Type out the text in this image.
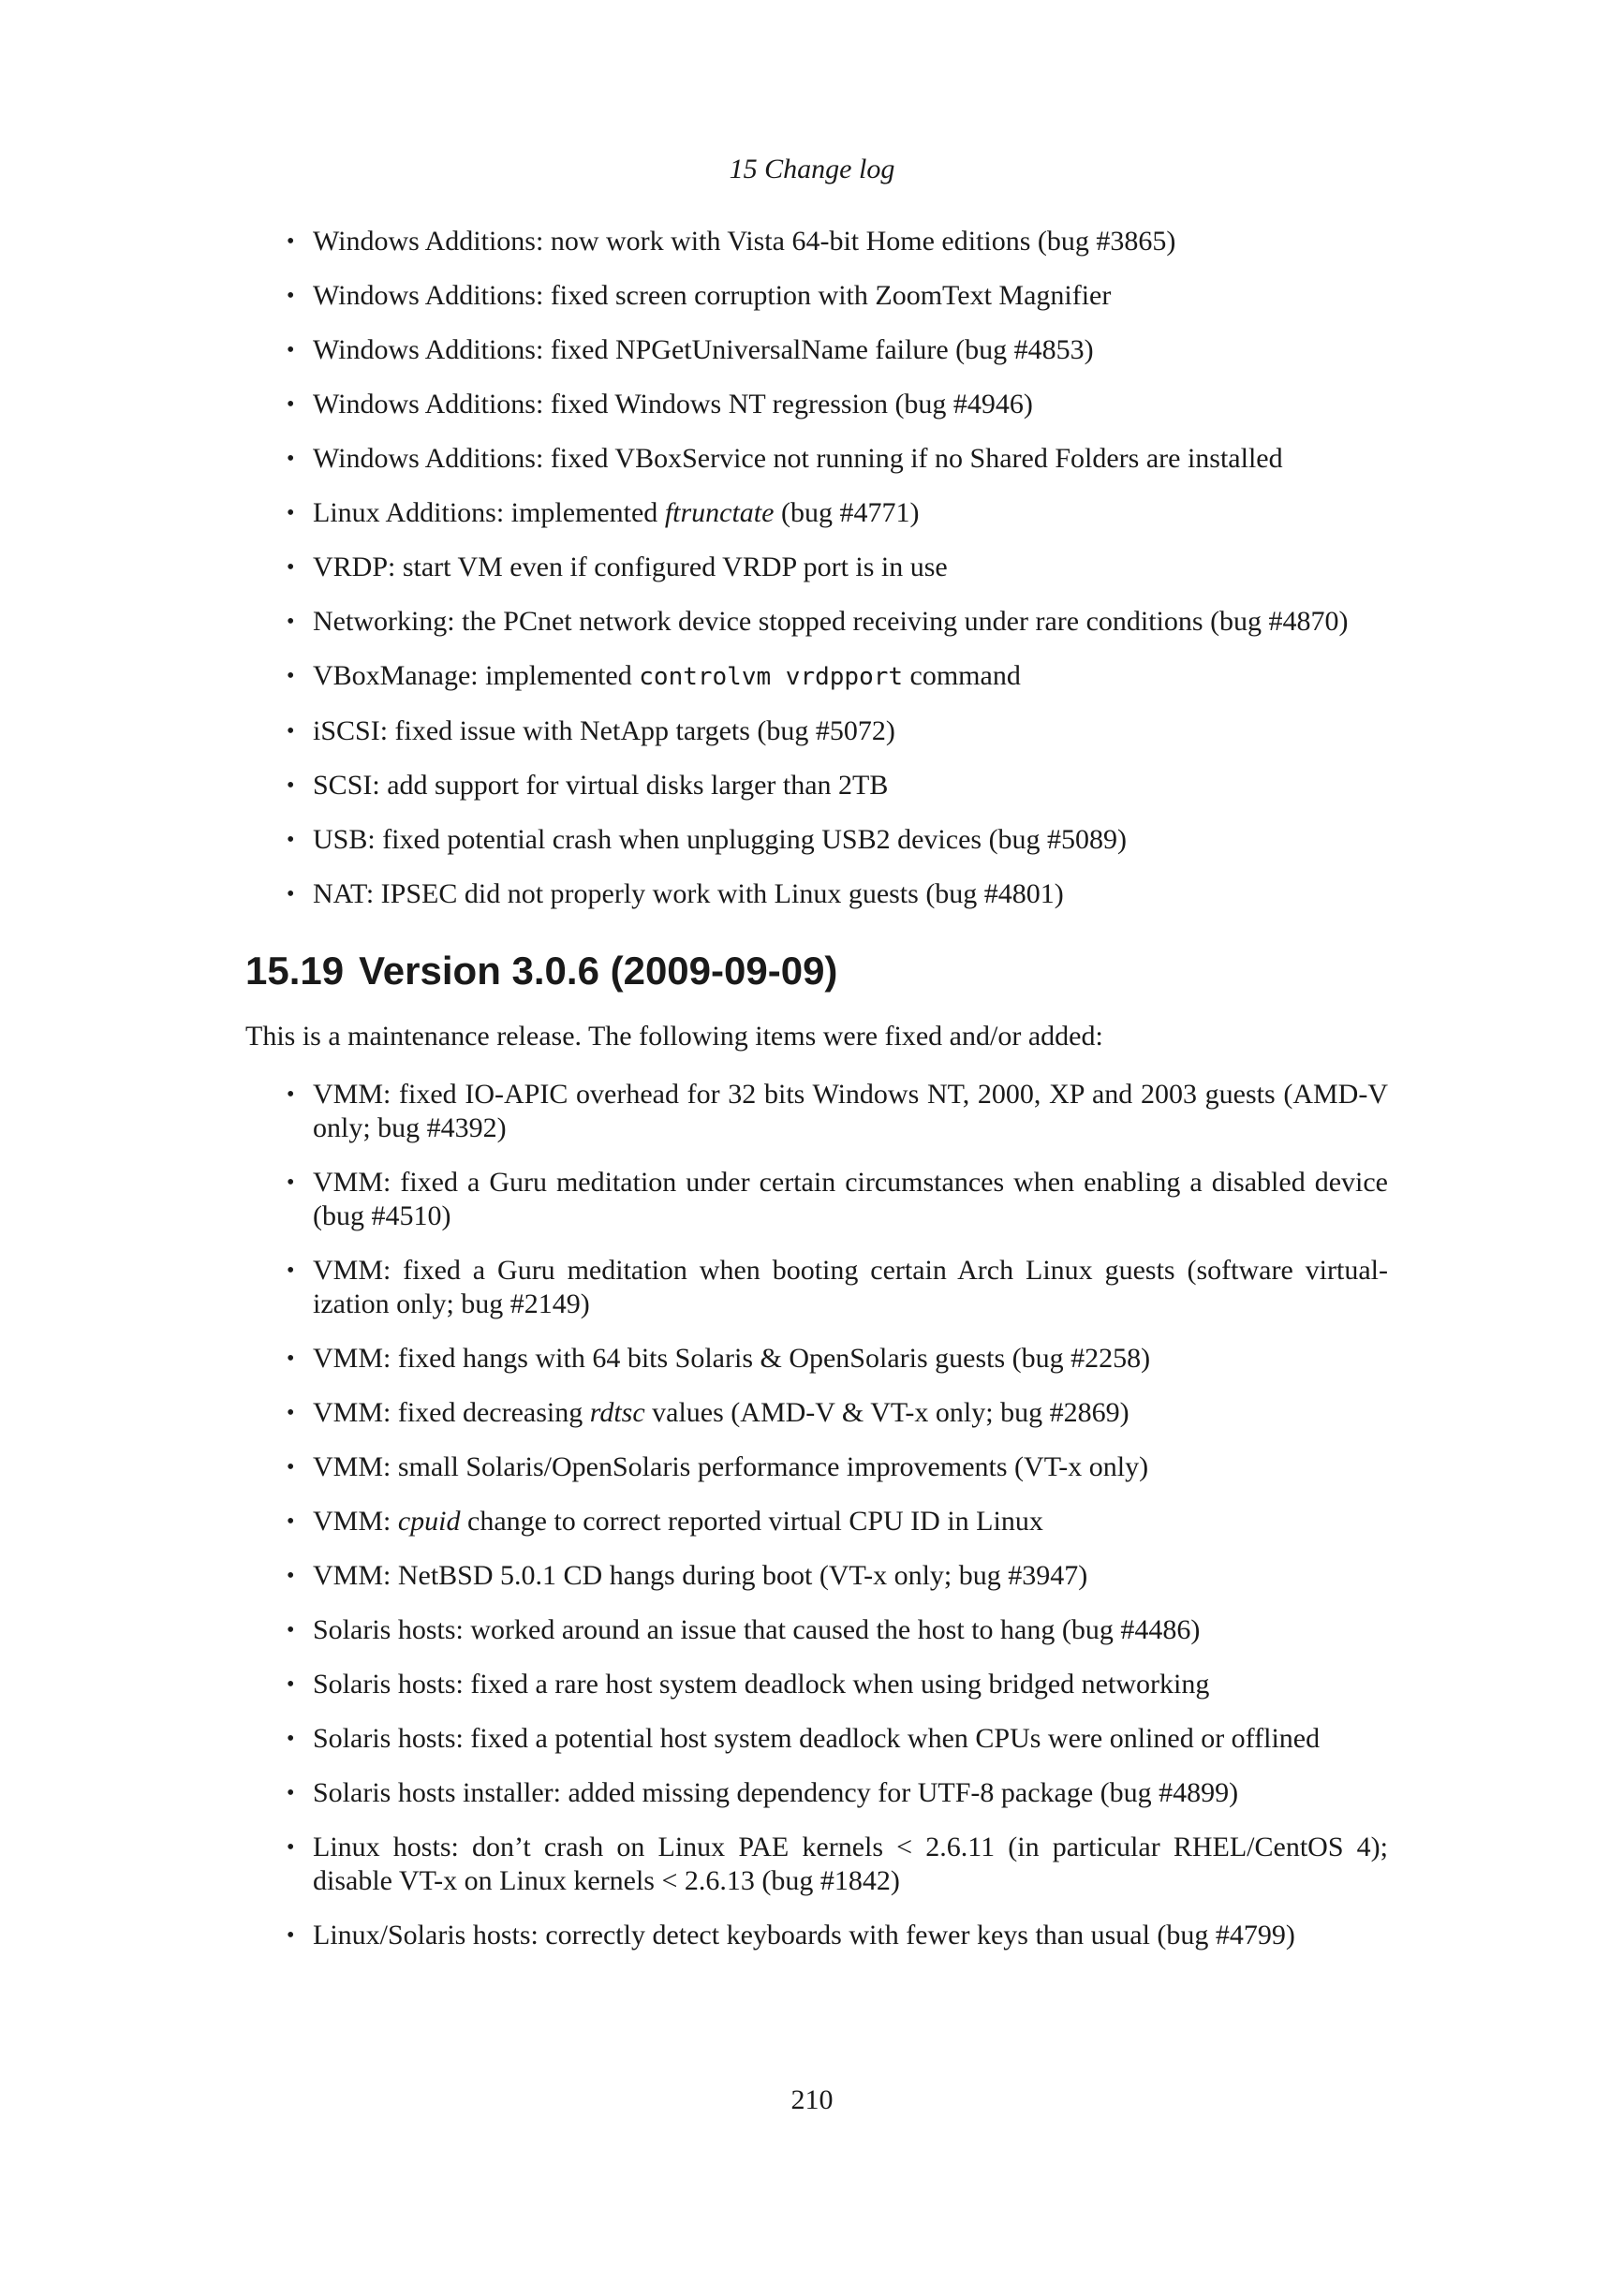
15 Change log
• Windows Additions: now work with Vista 64-bit Home editions (bug #3865)
• Windows Additions: fixed screen corruption with ZoomText Magnifier
• Windows Additions: fixed NPGetUniversalName failure (bug #4853)
• Windows Additions: fixed Windows NT regression (bug #4946)
• Windows Additions: fixed VBoxService not running if no Shared Folders are installed
• Linux Additions: implemented ftrunctate (bug #4771)
• VRDP: start VM even if configured VRDP port is in use
• Networking: the PCnet network device stopped receiving under rare conditions (bug #4870)
• VBoxManage: implemented controlvm vrdpport command
• iSCSI: fixed issue with NetApp targets (bug #5072)
• SCSI: add support for virtual disks larger than 2TB
• USB: fixed potential crash when unplugging USB2 devices (bug #5089)
• NAT: IPSEC did not properly work with Linux guests (bug #4801)
15.19 Version 3.0.6 (2009-09-09)

This is a maintenance release. The following items were fixed and/or added:

• VMM: fixed IO-APIC overhead for 32 bits Windows NT, 2000, XP and 2003 guests (AMD-V only; bug #4392)
• VMM: fixed a Guru meditation under certain circumstances when enabling a disabled device (bug #4510)
• VMM: fixed a Guru meditation when booting certain Arch Linux guests (software virtualization only; bug #2149)
• VMM: fixed hangs with 64 bits Solaris & OpenSolaris guests (bug #2258)
• VMM: fixed decreasing rdtsc values (AMD-V & VT-x only; bug #2869)
• VMM: small Solaris/OpenSolaris performance improvements (VT-x only)
• VMM: cpuid change to correct reported virtual CPU ID in Linux
• VMM: NetBSD 5.0.1 CD hangs during boot (VT-x only; bug #3947)
• Solaris hosts: worked around an issue that caused the host to hang (bug #4486)
• Solaris hosts: fixed a rare host system deadlock when using bridged networking
• Solaris hosts: fixed a potential host system deadlock when CPUs were onlined or offlined
• Solaris hosts installer: added missing dependency for UTF-8 package (bug #4899)
• Linux hosts: don’t crash on Linux PAE kernels < 2.6.11 (in particular RHEL/CentOS 4); disable VT-x on Linux kernels < 2.6.13 (bug #1842)
• Linux/Solaris hosts: correctly detect keyboards with fewer keys than usual (bug #4799)
210
